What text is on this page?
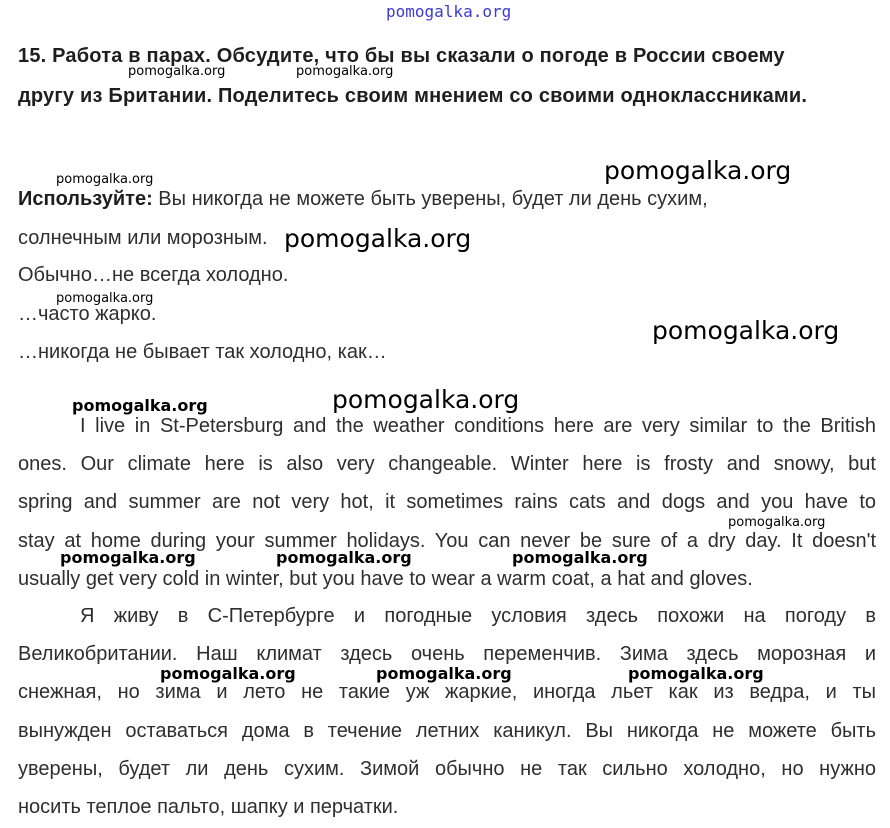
15. Работа в парах. Обсудите, что бы вы сказали о погоде в России своему
другу из Британии. Поделитесь своим мнением со своими одноклассниками.
Используйте: Вы никогда не можете быть уверены, будет ли день сухим,
солнечным или морозным.
Обычно…не всегда холодно.
…часто жарко.
…никогда не бывает так холодно, как…
I live in St-Petersburg and the weather conditions here are very similar to the British
ones. Our climate here is also very changeable. Winter here is frosty and snowy, but
spring and summer are not very hot, it sometimes rains cats and dogs and you have to
stay at home during your summer holidays. You can never be sure of a dry day. It doesn't
usually get very cold in winter, but you have to wear a warm coat, a hat and gloves.
Я живу в С-Петербурге и погодные условия здесь похожи на погоду в
Великобритании. Наш климат здесь очень переменчив. Зима здесь морозная и
снежная, но зима и лето не такие уж жаркие, иногда льет как из ведра, и ты
вынужден оставаться дома в течение летних каникул. Вы никогда не можете быть
уверены, будет ли день сухим. Зимой обычно не так сильно холодно, но нужно
носить теплое пальто, шапку и перчатки.
pomogalka.org
pomogalka.org	pomogalka.org
pomogalka.org	pomogalka.org
pomogalka.org
pomogalka.org
pomogalka.org
pomogalka.org	pomogalka.org
pomogalka.org
pomogalka.org	pomogalka.org	pomogalka.org
pomogalka.org	pomogalka.org	pomogalka.org
